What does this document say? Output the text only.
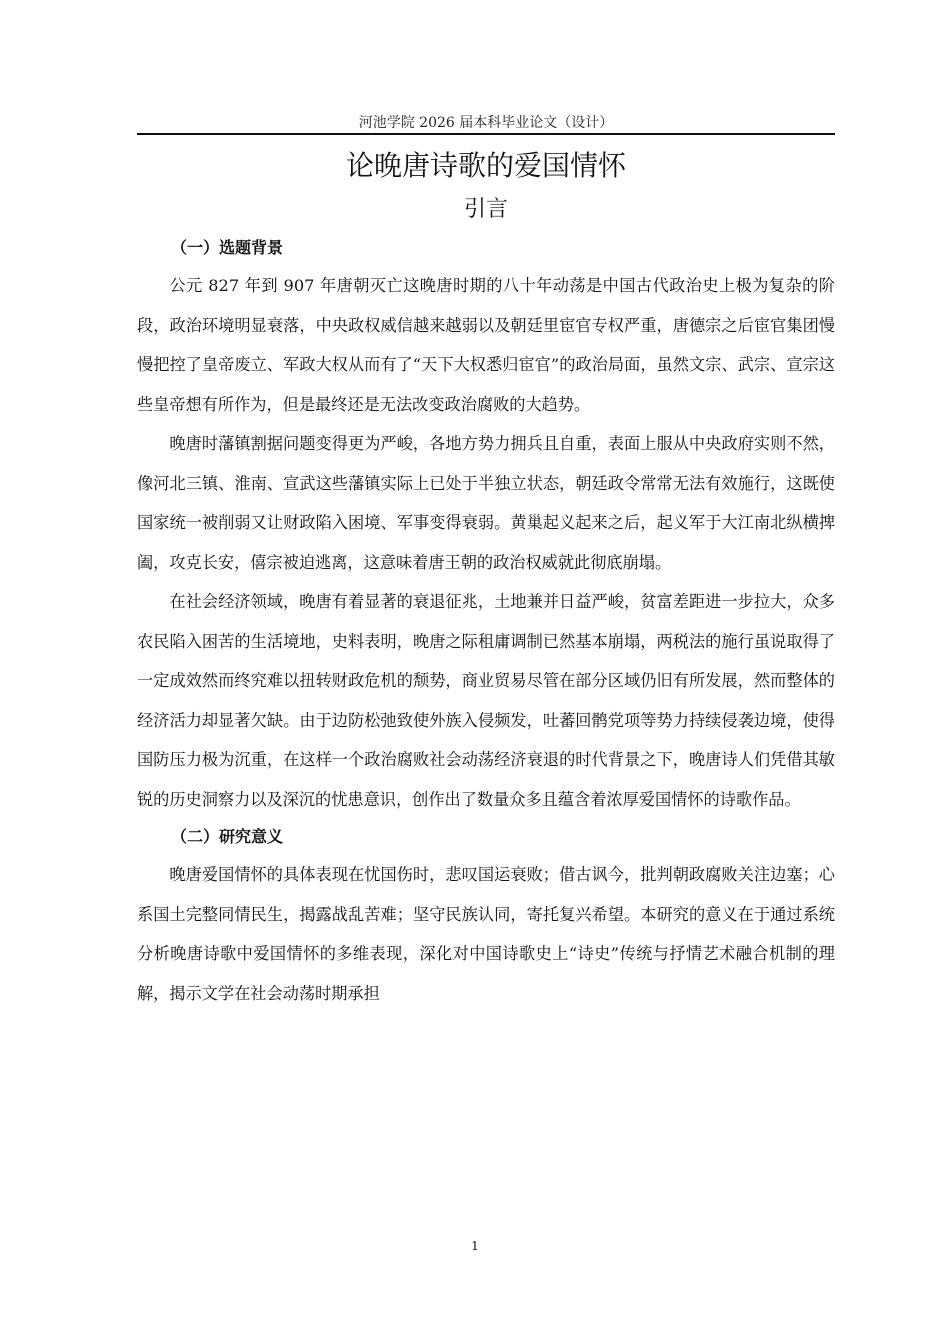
河池学院 2026 届本科毕业论文（设计）
论晚唐诗歌的爱国情怀
引言
（一）选题背景

公元 827 年到 907 年唐朝灭亡这晚唐时期的八十年动荡是中国古代政治史上极为复杂的阶段，政治环境明显衰落，中央政权威信越来越弱以及朝廷里宦官专权严重，唐德宗之后宦官集团慢慢把控了皇帝废立、军政大权从而有了“天下大权悉归宦官”的政治局面，虽然文宗、武宗、宣宗这些皇帝想有所作为，但是最终还是无法改变政治腐败的大趋势。

晚唐时藩镇割据问题变得更为严峻，各地方势力拥兵且自重，表面上服从中央政府实则不然，像河北三镇、淮南、宣武这些藩镇实际上已处于半独立状态，朝廷政令常常无法有效施行，这既使国家统一被削弱又让财政陷入困境、军事变得衰弱。黄巢起义起来之后，起义军于大江南北纵横捭阖，攻克长安，僖宗被迫逃离，这意味着唐王朝的政治权威就此彻底崩塌。

在社会经济领域，晚唐有着显著的衰退征兆，土地兼并日益严峻，贫富差距进一步拉大，众多农民陷入困苦的生活境地，史料表明，晚唐之际租庸调制已然基本崩塌，两税法的施行虽说取得了一定成效然而终究难以扭转财政危机的颓势，商业贸易尽管在部分区域仍旧有所发展，然而整体的经济活力却显著欠缺。由于边防松弛致使外族入侵频发，吐蕃回鹘党项等势力持续侵袭边境，使得国防压力极为沉重，在这样一个政治腐败社会动荡经济衰退的时代背景之下，晚唐诗人们凭借其敏锐的历史洞察力以及深沉的忧患意识，创作出了数量众多且蕴含着浓厚爱国情怀的诗歌作品。

（二）研究意义

晚唐爱国情怀的具体表现在忧国伤时，悲叹国运衰败；借古讽今，批判朝政腐败关注边塞；心系国土完整同情民生，揭露战乱苦难；坚守民族认同，寄托复兴希望。本研究的意义在于通过系统分析晚唐诗歌中爱国情怀的多维表现，深化对中国诗歌史上“诗史”传统与抒情艺术融合机制的理解，揭示文学在社会动荡时期承担

1
